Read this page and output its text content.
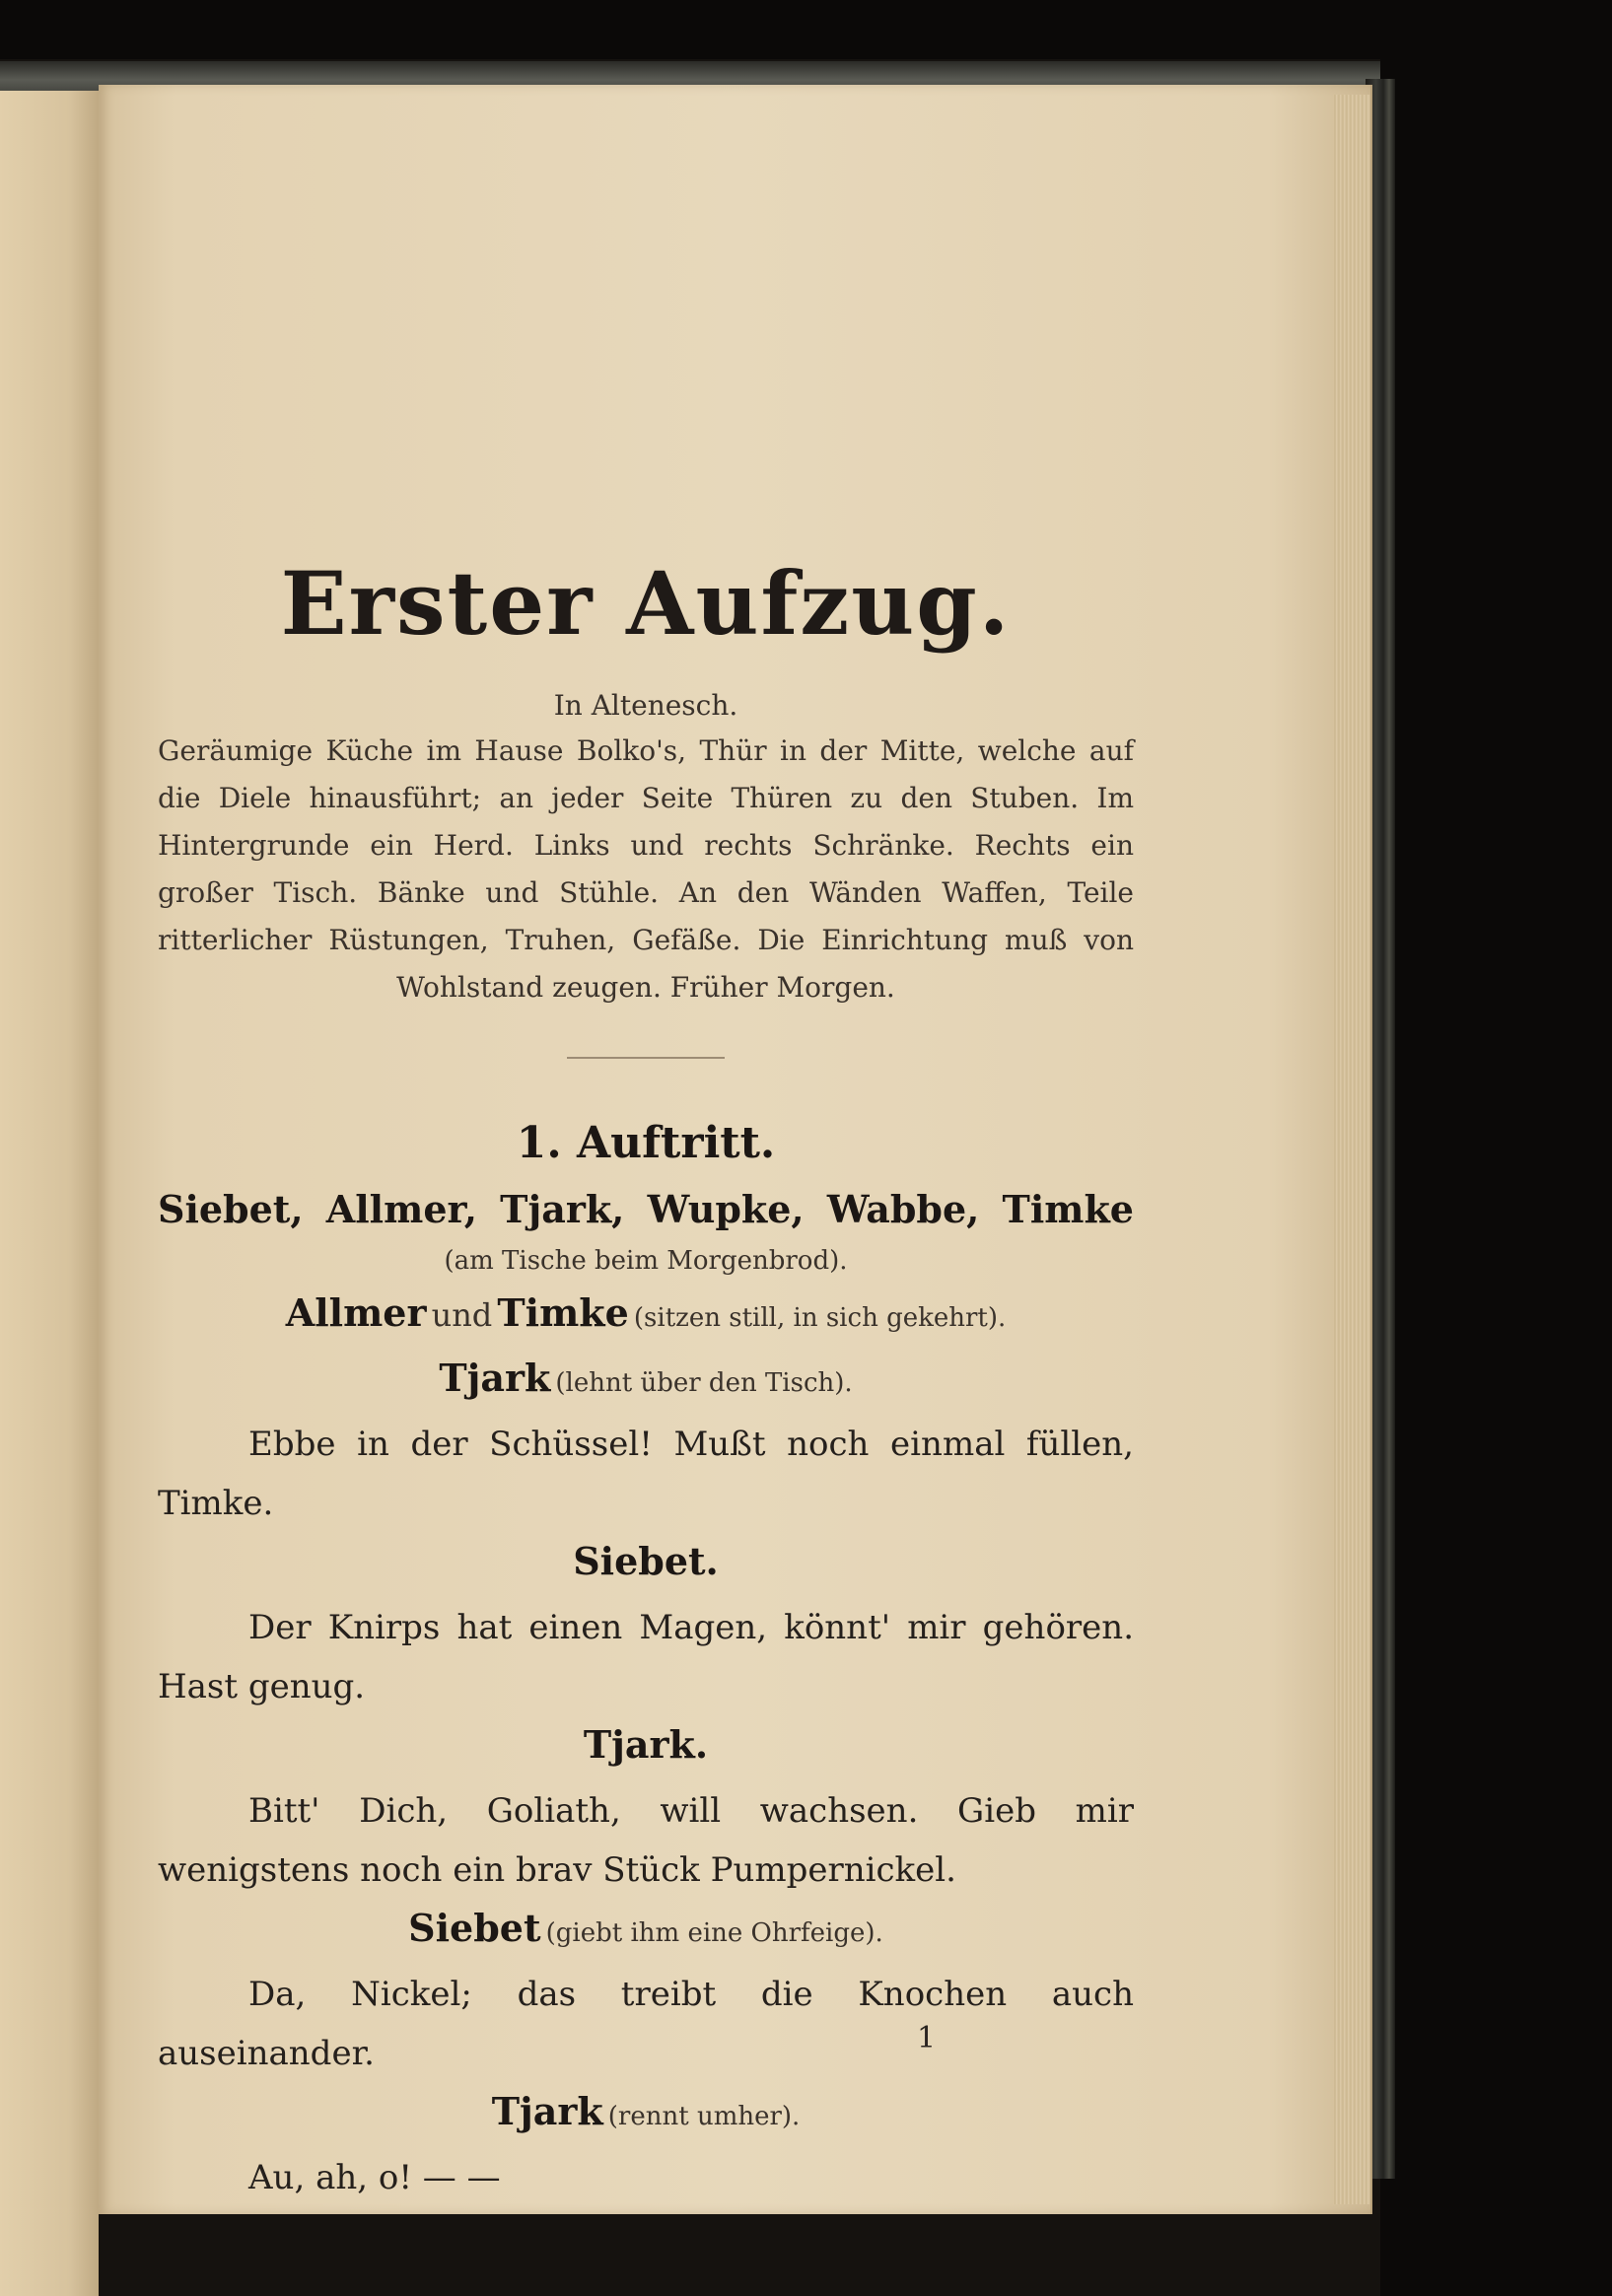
Erster Aufzug.
In Altenesch.
Geräumige Küche im Hause Bolko's, Thür in der Mitte, welche auf die Diele hinausführt; an jeder Seite Thüren zu den Stuben. Im Hintergrunde ein Herd. Links und rechts Schränke. Rechts ein großer Tisch. Bänke und Stühle. An den Wänden Waffen, Teile ritterlicher Rüstungen, Truhen, Gefäße. Die Einrichtung muß von Wohlstand zeugen. Früher Morgen.
1. Auftritt.
Siebet, Allmer, Tjark, Wupke, Wabbe, Timke
(am Tische beim Morgenbrod).
Allmer und Timke (sitzen still, in sich gekehrt).
Tjark (lehnt über den Tisch).

Ebbe in der Schüssel! Mußt noch einmal füllen, Timke.

Siebet.

Der Knirps hat einen Magen, könnt' mir gehören. Hast genug.

Tjark.

Bitt' Dich, Goliath, will wachsen. Gieb mir wenigstens noch ein brav Stück Pumpernickel.

Siebet (giebt ihm eine Ohrfeige).

Da, Nickel; das treibt die Knochen auch auseinander.

Tjark (rennt umher).

Au, ah, o! — —

1
